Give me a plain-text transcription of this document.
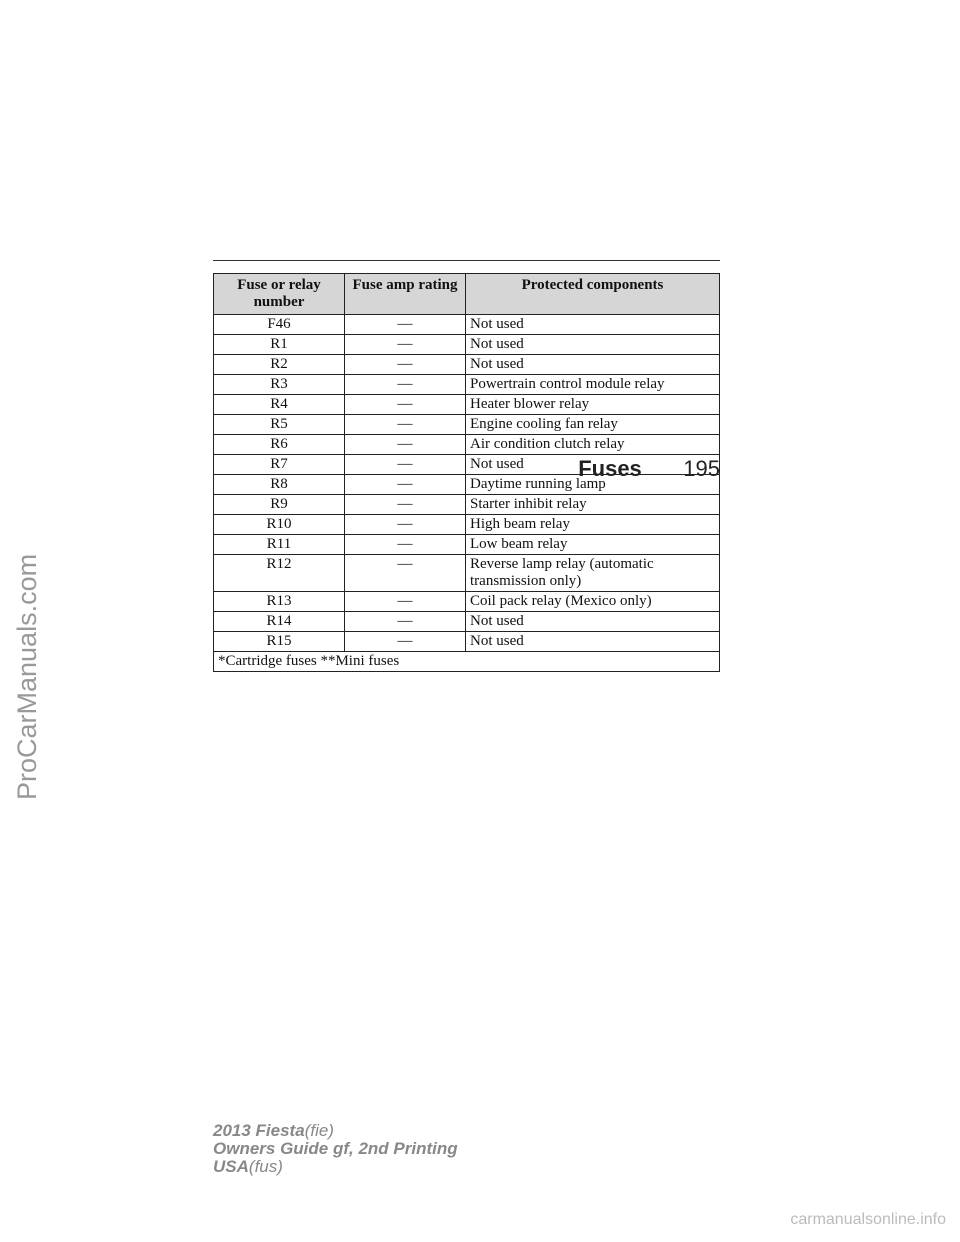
Fuses	195
Fuse or relay number	Fuse amp rating	Protected components
F46	—	Not used
R1	—	Not used
R2	—	Not used
R3	—	Powertrain control module relay
R4	—	Heater blower relay
R5	—	Engine cooling fan relay
R6	—	Air condition clutch relay
R7	—	Not used
R8	—	Daytime running lamp
R9	—	Starter inhibit relay
R10	—	High beam relay
R11	—	Low beam relay
R12	—	Reverse lamp relay (automatic transmission only)
R13	—	Coil pack relay (Mexico only)
R14	—	Not used
R15	—	Not used
*Cartridge fuses **Mini fuses		
ProCarManuals.com
2013 Fiesta(fie)
Owners Guide gf, 2nd Printing
USA(fus)
carmanualsonline.info
